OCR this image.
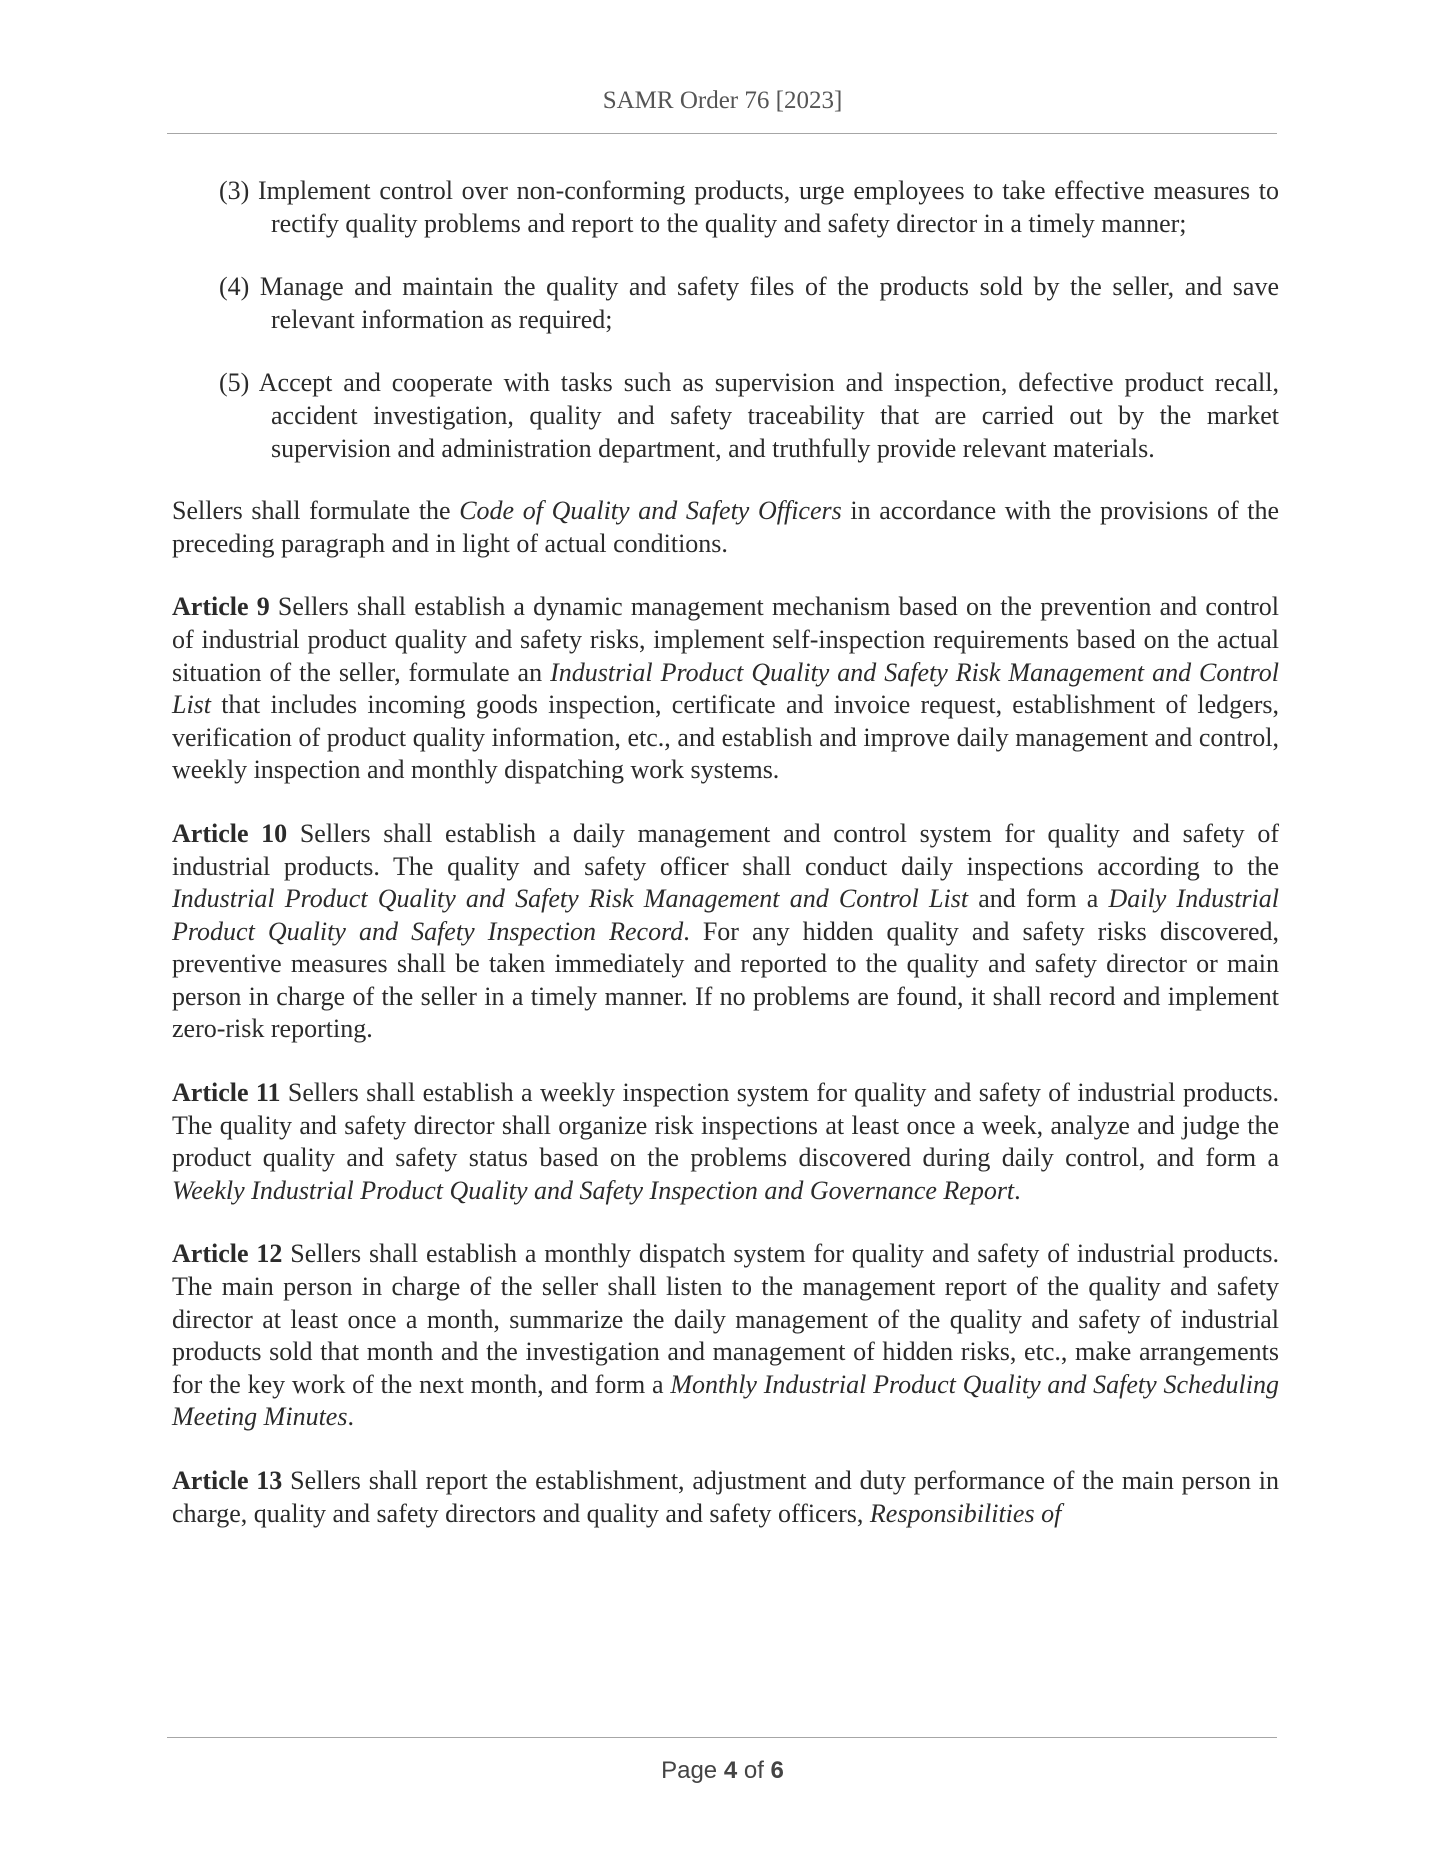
SAMR Order 76 [2023]

(3) Implement control over non-conforming products, urge employees to take effective measures to rectify quality problems and report to the quality and safety director in a timely manner;

(4) Manage and maintain the quality and safety files of the products sold by the seller, and save relevant information as required;

(5) Accept and cooperate with tasks such as supervision and inspection, defective product recall, accident investigation, quality and safety traceability that are carried out by the market supervision and administration department, and truthfully provide relevant materials.

Sellers shall formulate the Code of Quality and Safety Officers in accordance with the provisions of the preceding paragraph and in light of actual conditions.

Article 9 Sellers shall establish a dynamic management mechanism based on the prevention and control of industrial product quality and safety risks, implement self-inspection requirements based on the actual situation of the seller, formulate an Industrial Product Quality and Safety Risk Management and Control List that includes incoming goods inspection, certificate and invoice request, establishment of ledgers, verification of product quality information, etc., and establish and improve daily management and control, weekly inspection and monthly dispatching work systems.

Article 10 Sellers shall establish a daily management and control system for quality and safety of industrial products. The quality and safety officer shall conduct daily inspections according to the Industrial Product Quality and Safety Risk Management and Control List and form a Daily Industrial Product Quality and Safety Inspection Record. For any hidden quality and safety risks discovered, preventive measures shall be taken immediately and reported to the quality and safety director or main person in charge of the seller in a timely manner. If no problems are found, it shall record and implement zero-risk reporting.

Article 11 Sellers shall establish a weekly inspection system for quality and safety of industrial products. The quality and safety director shall organize risk inspections at least once a week, analyze and judge the product quality and safety status based on the problems discovered during daily control, and form a Weekly Industrial Product Quality and Safety Inspection and Governance Report.

Article 12 Sellers shall establish a monthly dispatch system for quality and safety of industrial products. The main person in charge of the seller shall listen to the management report of the quality and safety director at least once a month, summarize the daily management of the quality and safety of industrial products sold that month and the investigation and management of hidden risks, etc., make arrangements for the key work of the next month, and form a Monthly Industrial Product Quality and Safety Scheduling Meeting Minutes.

Article 13 Sellers shall report the establishment, adjustment and duty performance of the main person in charge, quality and safety directors and quality and safety officers, Responsibilities of

Page 4 of 6
